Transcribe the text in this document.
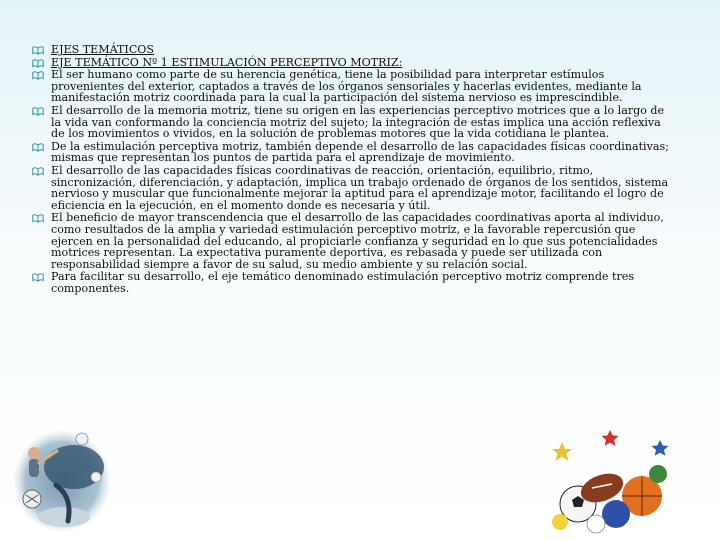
EJES TEMÁTICOS
EJE TEMÁTICO Nº 1 ESTIMULACIÓN PERCEPTIVO MOTRIZ:
El ser humano como parte de su herencia genética, tiene la posibilidad para interpretar estímulos provenientes del exterior, captados a través de los órganos sensoriales y hacerlas evidentes, mediante la manifestación motriz coordinada para la cual la participación del sistema nervioso es imprescindible.
El desarrollo de la memoria motriz, tiene su origen en las experiencias perceptivo motrices que a lo largo de la vida van conformando la conciencia motriz del sujeto; la integración de estas implica una acción reflexiva de los movimientos o vividos, en la solución de problemas motores que la vida cotidiana le plantea.
De la estimulación perceptiva motriz, también depende el desarrollo de las capacidades físicas coordinativas; mismas que representan los puntos de partida para el aprendizaje de movimiento.
El desarrollo de las capacidades físicas coordinativas de reacción, orientación, equilibrio, ritmo, sincronización, diferenciación, y adaptación, implica un trabajo ordenado de órganos de los sentidos, sistema nervioso y muscular que funcionalmente mejorar la aptitud para el aprendizaje motor, facilitando el logro de eficiencia en la ejecución, en el momento donde es necesaria y útil.
El beneficio de mayor transcendencia que el desarrollo de las capacidades coordinativas aporta al individuo, como resultados de la amplia y variedad estimulación perceptivo motriz, e la favorable repercusión que ejercen en la personalidad del educando, al propiciarle confianza y seguridad en lo que sus potencialidades motrices representan. La expectativa puramente deportiva, es rebasada y puede ser utilizada con responsabilidad siempre a favor de su salud, su medio ambiente y su relación social.
Para facilitar su desarrollo, el eje temático denominado estimulación perceptivo motriz comprende tres componentes.
